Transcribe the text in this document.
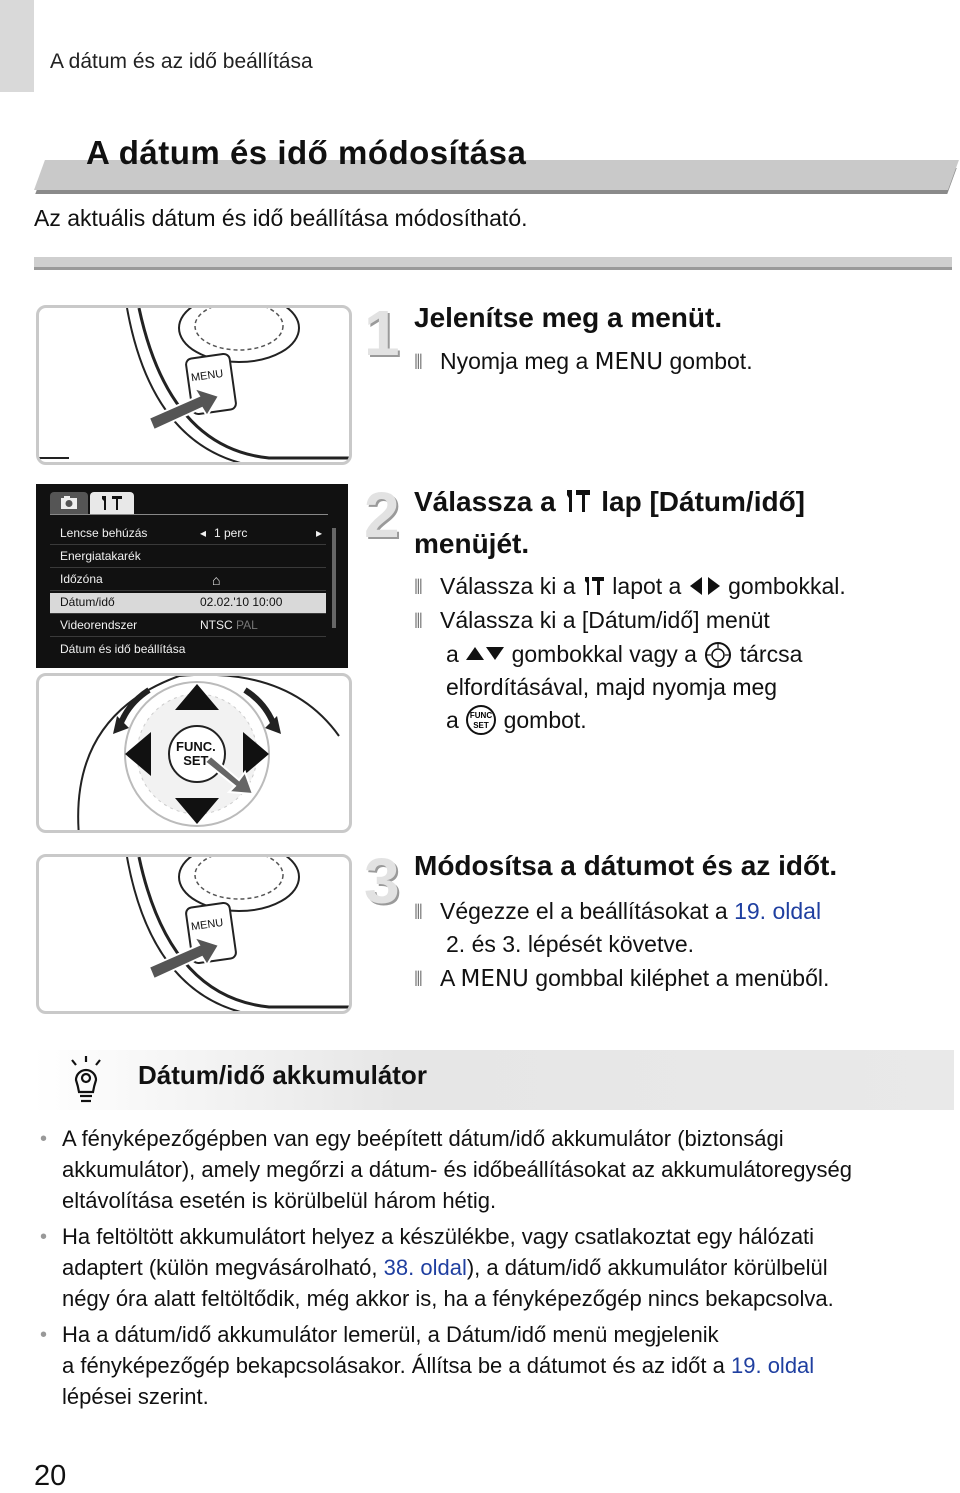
A dátum és az idő beállítása
A dátum és idő módosítása
Az aktuális dátum és idő beállítása módosítható.
MENU
Lencse behúzás	◂ 1 perc	▸
Energiatakarék
Időzóna	⌂
Dátum/idő	02.02.'10 10:00
Videorendszer	NTSC PAL
Dátum és idő beállítása
FUNC.
SET
MENU
1 Jelenítse meg a menüt.
⦀ Nyomja meg a MENU gombot.
2 Válassza a lap [Dátum/idő]
menüjét.
⦀ Válassza ki a lapot a gombokkal.
⦀ Válassza ki a [Dátum/idő] menüt
a gombokkal vagy a tárcsa
elfordításával, majd nyomja meg
a FUNC
SET gombot.
3 Módosítsa a dátumot és az időt.
⦀ Végezze el a beállításokat a 19. oldal
2. és 3. lépését követve.
⦀ A MENU gombbal kiléphet a menüből.
Dátum/idő akkumulátor
• A fényképezőgépben van egy beépített dátum/idő akkumulátor (biztonsági
akkumulátor), amely megőrzi a dátum- és időbeállításokat az akkumulátoregység
eltávolítása esetén is körülbelül három hétig.
• Ha feltöltött akkumulátort helyez a készülékbe, vagy csatlakoztat egy hálózati
adaptert (külön megvásárolható, 38. oldal), a dátum/idő akkumulátor körülbelül
négy óra alatt feltöltődik, még akkor is, ha a fényképezőgép nincs bekapcsolva.
• Ha a dátum/idő akkumulátor lemerül, a Dátum/idő menü megjelenik
a fényképezőgép bekapcsolásakor. Állítsa be a dátumot és az időt a 19. oldal
lépései szerint.
20
